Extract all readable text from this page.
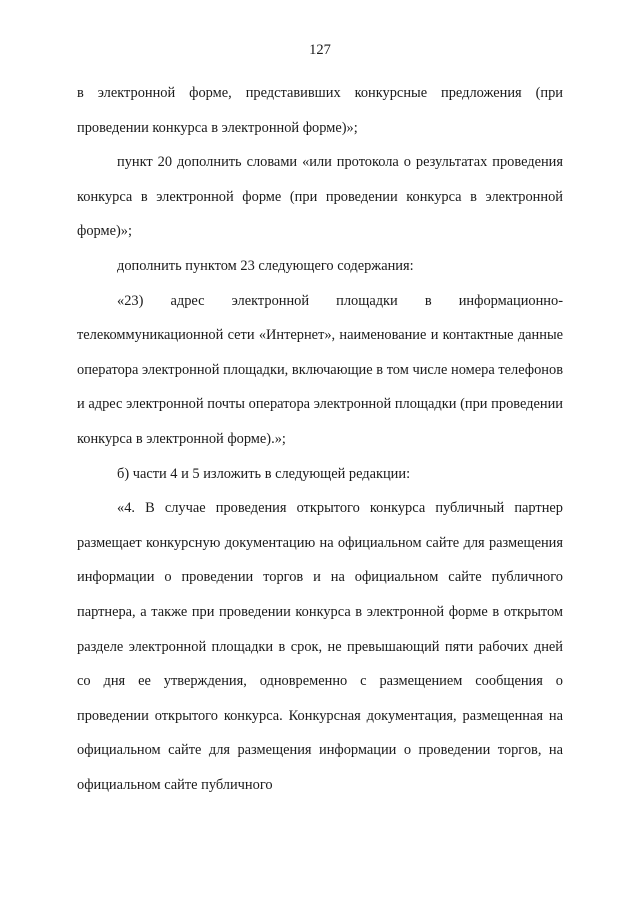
127

в электронной форме, представивших конкурсные предложения (при проведении конкурса в электронной форме)»;

пункт 20 дополнить словами «или протокола о результатах проведения конкурса в электронной форме (при проведении конкурса в электронной форме)»;

дополнить пунктом 23 следующего содержания:

«23) адрес электронной площадки в информационно-телекоммуникационной сети «Интернет», наименование и контактные данные оператора электронной площадки, включающие в том числе номера телефонов и адрес электронной почты оператора электронной площадки (при проведении конкурса в электронной форме).»;

б) части 4 и 5 изложить в следующей редакции:

«4. В случае проведения открытого конкурса публичный партнер размещает конкурсную документацию на официальном сайте для размещения информации о проведении торгов и на официальном сайте публичного партнера, а также при проведении конкурса в электронной форме в открытом разделе электронной площадки в срок, не превышающий пяти рабочих дней со дня ее утверждения, одновременно с размещением сообщения о проведении открытого конкурса. Конкурсная документация, размещенная на официальном сайте для размещения информации о проведении торгов, на официальном сайте публичного
